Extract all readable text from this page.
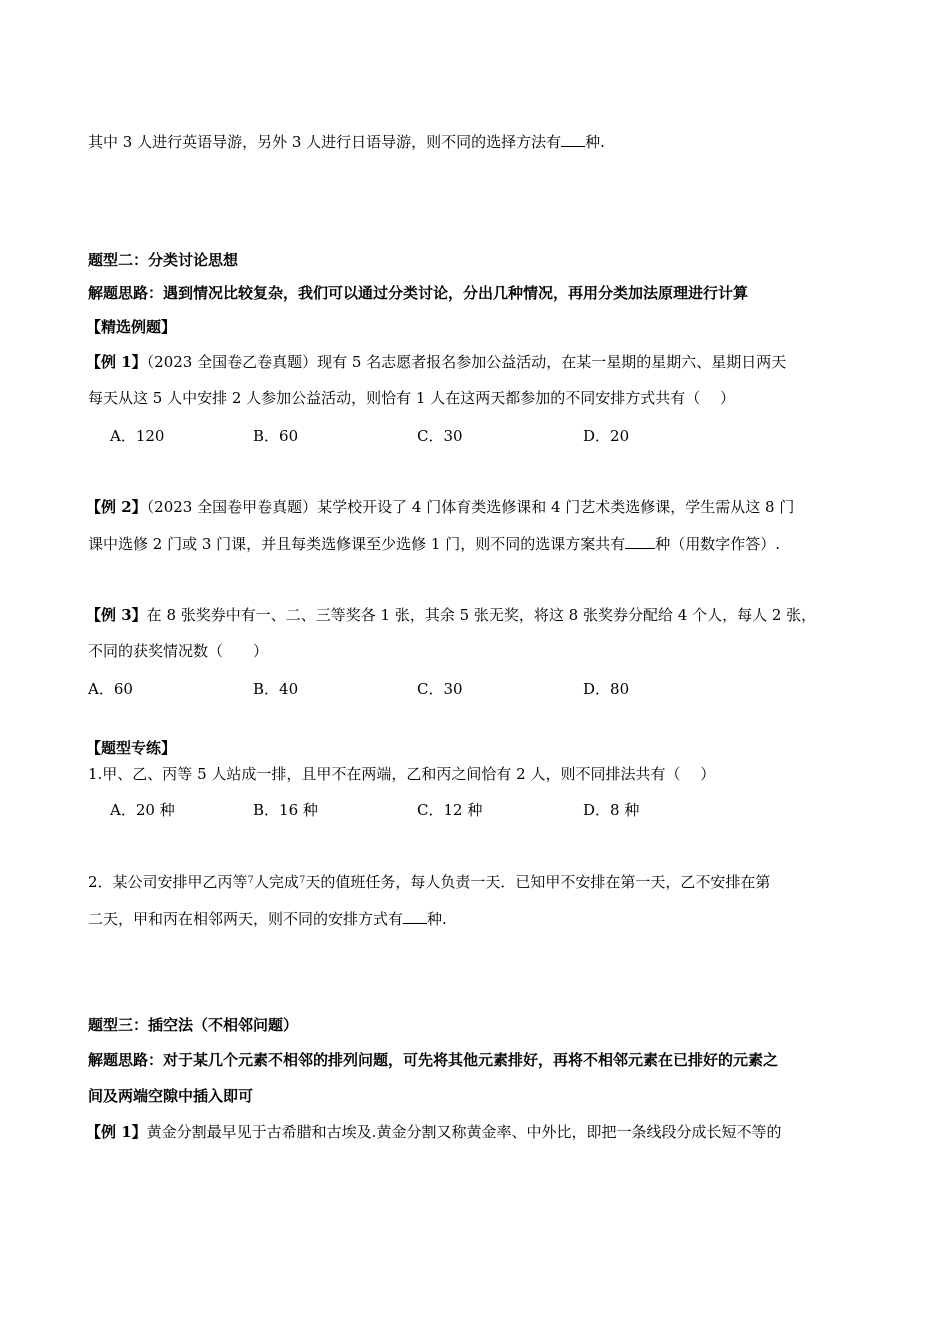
其中 3 人进行英语导游，另外 3 人进行日语导游，则不同的选择方法有 种.
题型二：分类讨论思想
解题思路：遇到情况比较复杂，我们可以通过分类讨论，分出几种情况，再用分类加法原理进行计算
【精选例题】
【例 1】（2023 全国卷乙卷真题）现有 5 名志愿者报名参加公益活动，在某一星期的星期六、星期日两天
每天从这 5 人中安排 2 人参加公益活动，则恰有 1 人在这两天都参加的不同安排方式共有（　 ）
A．120	B．60	C．30	D．20
【例 2】（2023 全国卷甲卷真题）某学校开设了 4 门体育类选修课和 4 门艺术类选修课，学生需从这 8 门
课中选修 2 门或 3 门课，并且每类选修课至少选修 1 门，则不同的选课方案共有 种（用数字作答）.
【例 3】在 8 张奖券中有一、二、三等奖各 1 张，其余 5 张无奖，将这 8 张奖券分配给 4 个人，每人 2 张，
不同的获奖情况数（　　）
A．60	B．40	C．30	D．80
【题型专练】
1.甲、乙、丙等 5 人站成一排，且甲不在两端，乙和丙之间恰有 2 人，则不同排法共有（　 ）
A．20 种	B．16 种	C．12 种	D．8 种
2．某公司安排甲乙丙等$^7$人完成$^7$天的值班任务，每人负责一天．已知甲不安排在第一天，乙不安排在第
二天，甲和丙在相邻两天，则不同的安排方式有 种.
题型三：插空法（不相邻问题）
解题思路：对于某几个元素不相邻的排列问题，可先将其他元素排好，再将不相邻元素在已排好的元素之
间及两端空隙中插入即可
【例 1】黄金分割最早见于古希腊和古埃及.黄金分割又称黄金率、中外比，即把一条线段分成长短不等的
